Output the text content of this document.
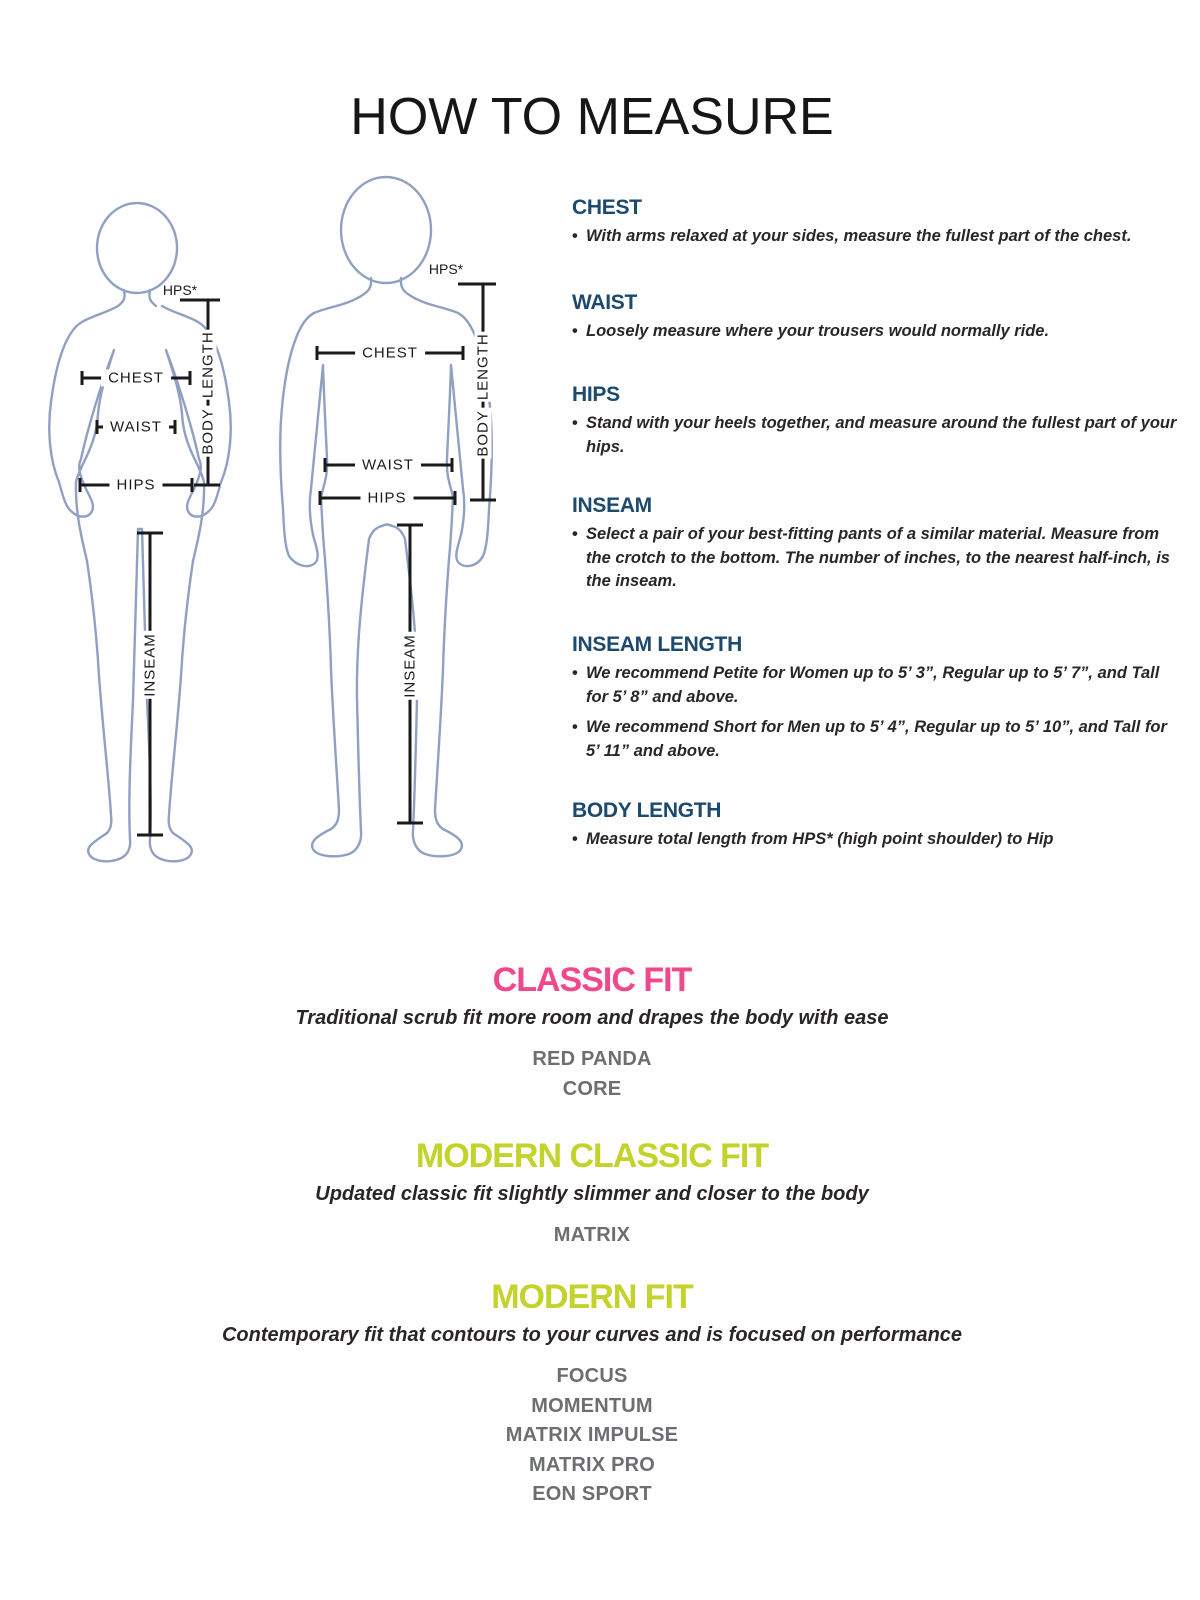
HOW TO MEASURE
HPS*
CHEST
WAIST
HIPS
BODY
LENGTH
INSEAM
HPS*
CHEST
WAIST
HIPS
BODY
LENGTH
INSEAM
CHEST

• With arms relaxed at your sides, measure the fullest part of the chest.

WAIST

• Loosely measure where your trousers would normally ride.

HIPS

• Stand with your heels together, and measure around the fullest part of your hips.

INSEAM

• Select a pair of your best-fitting pants of a similar material. Measure from the crotch to the bottom. The number of inches, to the nearest half-inch, is the inseam.

INSEAM LENGTH

• We recommend Petite for Women up to 5’ 3”, Regular up to 5’ 7”, and Tall for 5’ 8” and above.

• We recommend Short for Men up to 5’ 4”, Regular up to 5’ 10”, and Tall for 5’ 11” and above.

BODY LENGTH

• Measure total length from HPS* (high point shoulder) to Hip

CLASSIC FIT

Traditional scrub fit more room and drapes the body with ease

RED PANDA
CORE
MODERN CLASSIC FIT

Updated classic fit slightly slimmer and closer to the body

MATRIX
MODERN FIT

Contemporary fit that contours to your curves and is focused on performance

FOCUS
MOMENTUM
MATRIX IMPULSE
MATRIX PRO
EON SPORT
